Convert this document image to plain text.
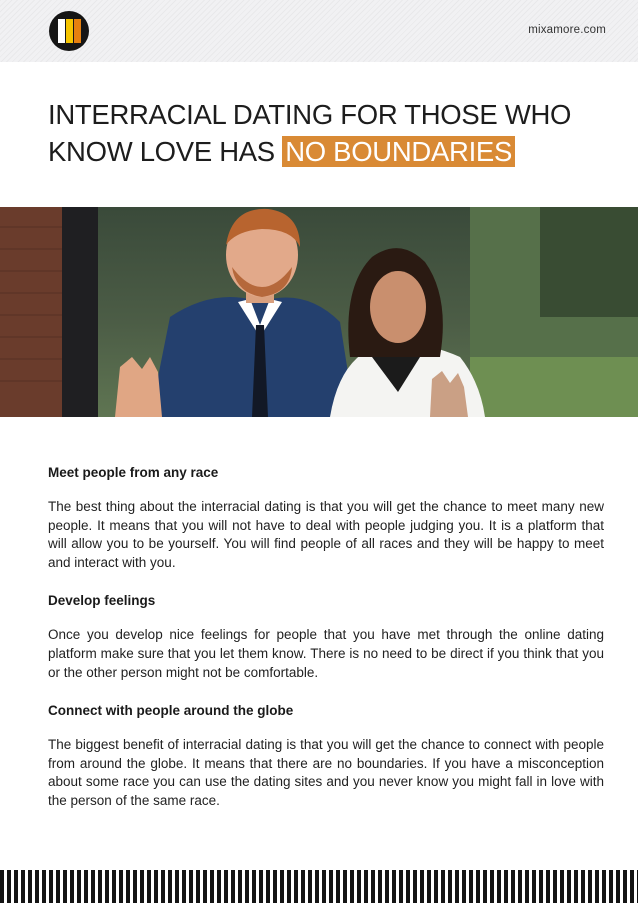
mixamore.com
INTERRACIAL DATING FOR THOSE WHO
KNOW LOVE HAS NO BOUNDARIES
Meet people from any race

The best thing about the interracial dating is that you will get the chance to meet many new people. It means that you will not have to deal with people judging you. It is a platform that will allow you to be yourself. You will find people of all races and they will be happy to meet and interact with you.

Develop feelings

Once you develop nice feelings for people that you have met through the online dating platform make sure that you let them know. There is no need to be direct if you think that you or the other person might not be comfortable.

Connect with people around the globe

The biggest benefit of interracial dating is that you will get the chance to connect with people from around the globe. It means that there are no boundaries. If you have a misconception about some race you can use the dating sites and you never know you might fall in love with the person of the same race.
